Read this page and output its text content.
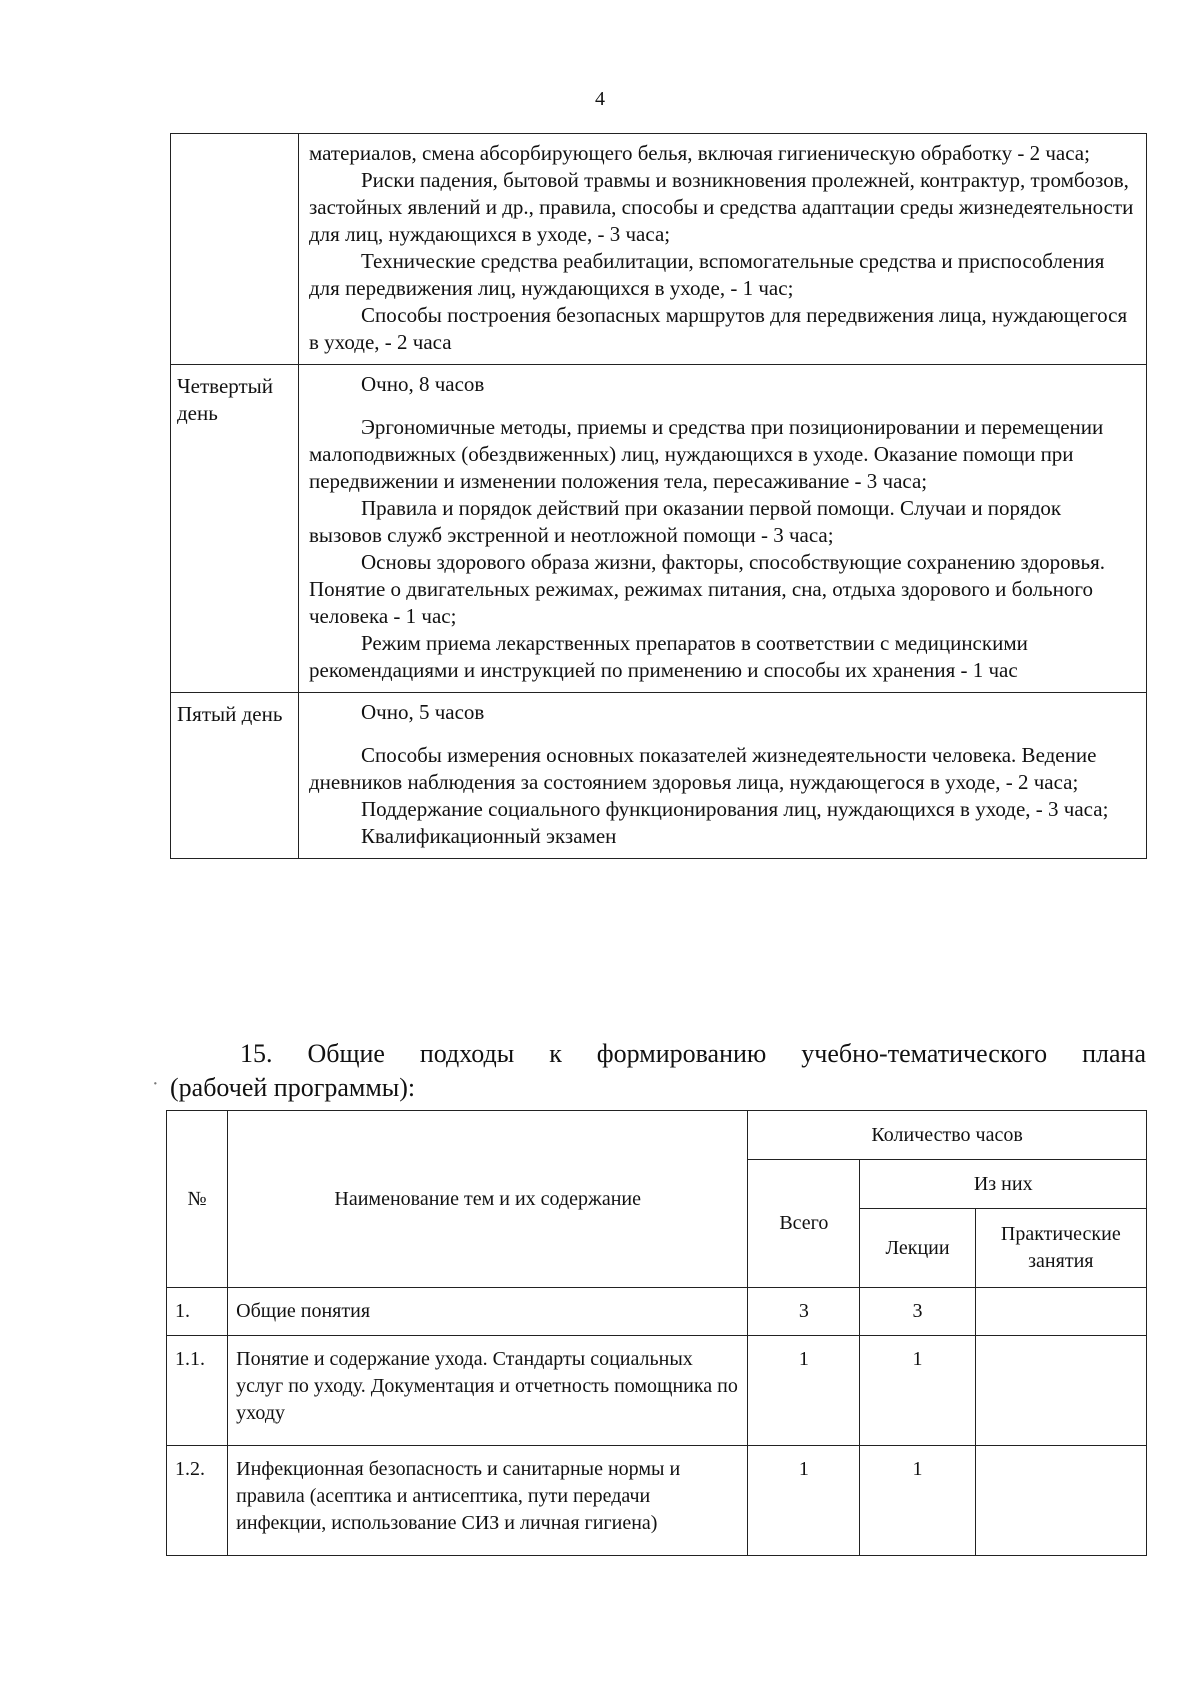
4

	материалов, смена абсорбирующего белья, включая гигиеническую обработку - 2 часа;

Риски падения, бытовой травмы и возникновения пролежней, контрактур, тромбозов, застойных явлений и др., правила, способы и средства адаптации среды жизнедеятельности для лиц, нуждающихся в уходе, - 3 часа;

Технические средства реабилитации, вспомогательные средства и приспособления для передвижения лиц, нуждающихся в уходе, - 1 час;

Способы построения безопасных маршрутов для передвижения лица, нуждающегося в уходе, - 2 часа

Четвертый день	Очно, 8 часов

Эргономичные методы, приемы и средства при позиционировании и перемещении малоподвижных (обездвиженных) лиц, нуждающихся в уходе. Оказание помощи при передвижении и изменении положения тела, пересаживание - 3 часа;

Правила и порядок действий при оказании первой помощи. Случаи и порядок вызовов служб экстренной и неотложной помощи - 3 часа;

Основы здорового образа жизни, факторы, способствующие сохранению здоровья. Понятие о двигательных режимах, режимах питания, сна, отдыха здорового и больного человека - 1 час;

Режим приема лекарственных препаратов в соответствии с медицинскими рекомендациями и инструкцией по применению и способы их хранения - 1 час

Пятый день	Очно, 5 часов

Способы измерения основных показателей жизнедеятельности человека. Ведение дневников наблюдения за состоянием здоровья лица, нуждающегося в уходе, - 2 часа;

Поддержание социального функционирования лиц, нуждающихся в уходе, - 3 часа;

Квалификационный экзамен

15. Общие подходы к формированию учебно-тематического плана
(рабочей программы):
·
№	Наименование тем и их содержание	Количество часов		
		Всего	Из них	
			Лекции	Практические занятия
1.	Общие понятия	3	3	
1.1.	Понятие и содержание ухода. Стандарты социальных услуг по уходу. Документация и отчетность помощника по уходу	1	1	
1.2.	Инфекционная безопасность и санитарные нормы и правила (асептика и антисептика, пути передачи инфекции, использование СИЗ и личная гигиена)	1	1	
